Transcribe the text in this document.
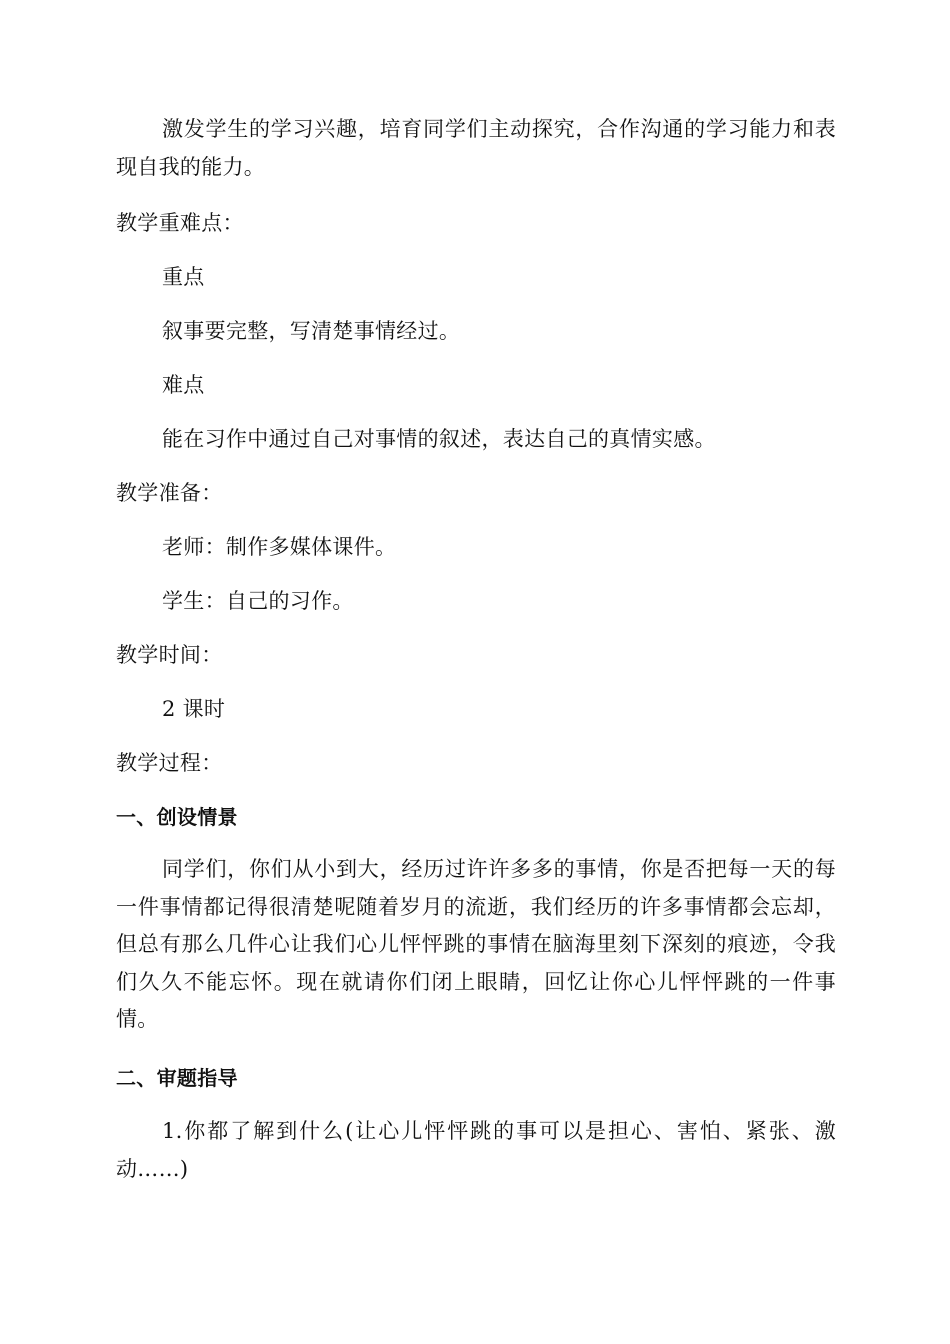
激发学生的学习兴趣，培育同学们主动探究，合作沟通的学习能力和表现自我的能力。
教学重难点：
重点
叙事要完整，写清楚事情经过。
难点
能在习作中通过自己对事情的叙述，表达自己的真情实感。
教学准备：
老师：制作多媒体课件。
学生：自己的习作。
教学时间：
2 课时
教学过程：
一、创设情景
同学们，你们从小到大，经历过许许多多的事情，你是否把每一天的每一件事情都记得很清楚呢随着岁月的流逝，我们经历的许多事情都会忘却，但总有那么几件心让我们心儿怦怦跳的事情在脑海里刻下深刻的痕迹，令我们久久不能忘怀。现在就请你们闭上眼睛，回忆让你心儿怦怦跳的一件事情。
二、审题指导
1.你都了解到什么(让心儿怦怦跳的事可以是担心、害怕、紧张、激动……)
